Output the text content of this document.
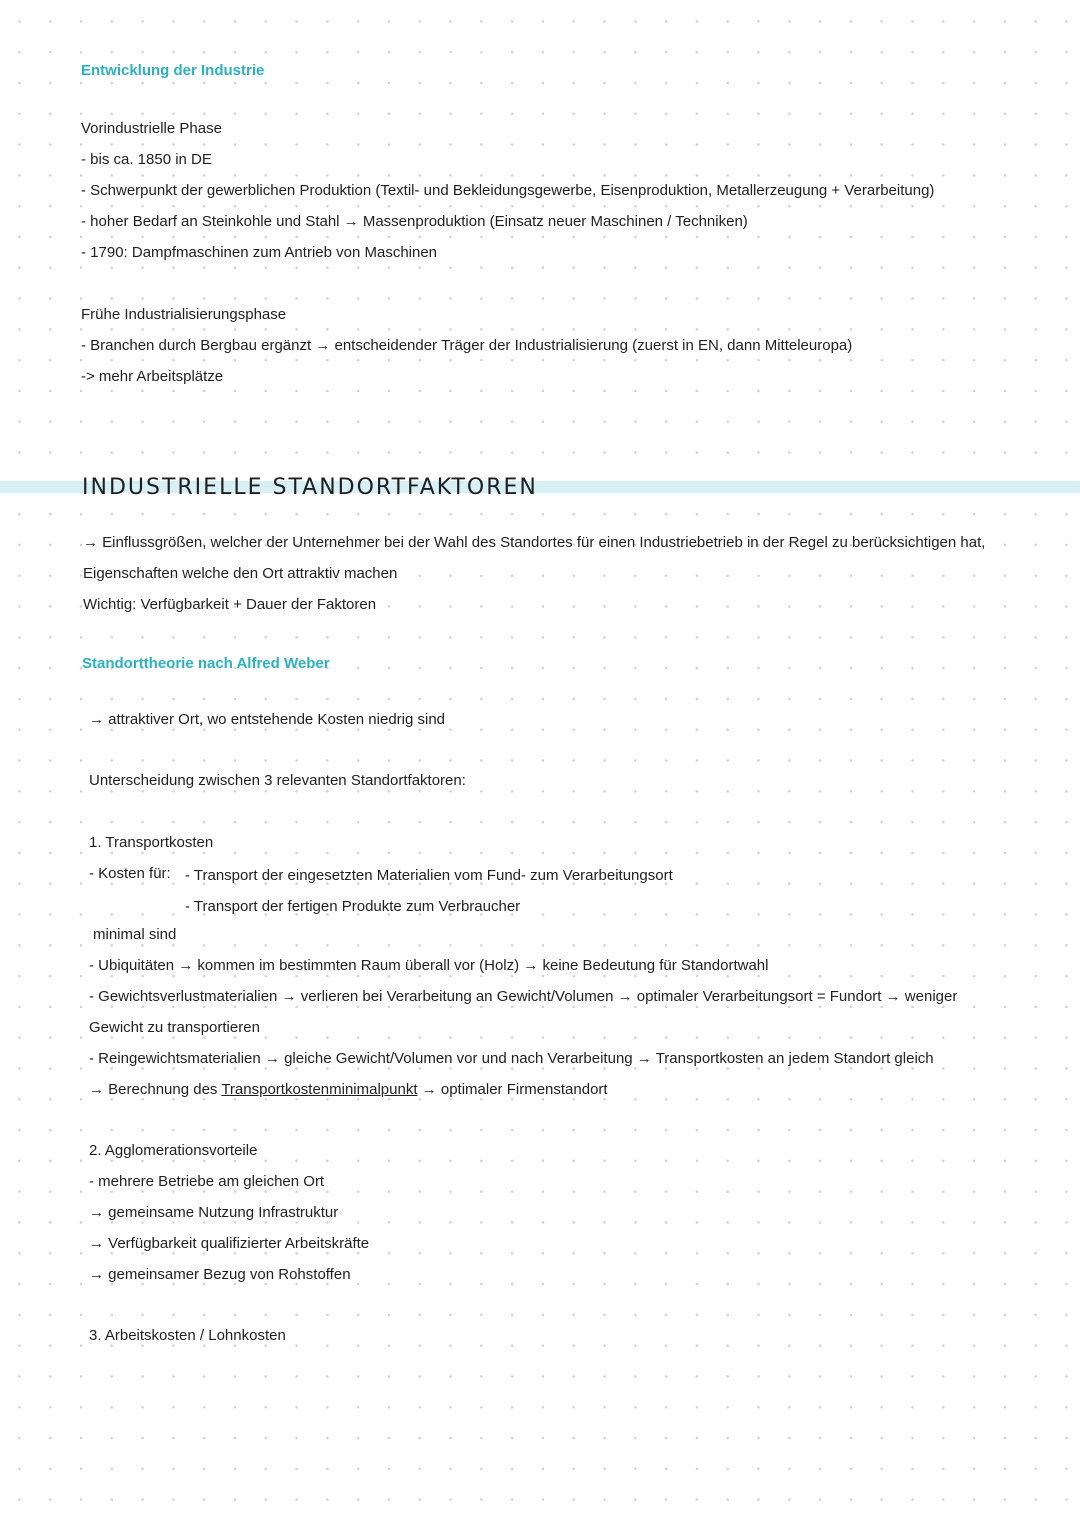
Entwicklung der Industrie

Vorindustrielle Phase

- bis ca. 1850 in DE

- Schwerpunkt der gewerblichen Produktion (Textil- und Bekleidungsgewerbe, Eisenproduktion, Metallerzeugung + Verarbeitung)

- hoher Bedarf an Steinkohle und Stahl → Massenproduktion (Einsatz neuer Maschinen / Techniken)

- 1790: Dampfmaschinen zum Antrieb von Maschinen

Frühe Industrialisierungsphase

- Branchen durch Bergbau ergänzt → entscheidender Träger der Industrialisierung (zuerst in EN, dann Mitteleuropa)

-> mehr Arbeitsplätze

INDUSTRIELLE STANDORTFAKTOREN

→ Einflussgrößen, welcher der Unternehmer bei der Wahl des Standortes für einen Industriebetrieb in der Regel zu berücksichtigen hat,

Eigenschaften welche den Ort attraktiv machen

Wichtig: Verfügbarkeit + Dauer der Faktoren

Standorttheorie nach Alfred Weber

→ attraktiver Ort, wo entstehende Kosten niedrig sind

Unterscheidung zwischen 3 relevanten Standortfaktoren:

1. Transportkosten

- Kosten für: - Transport der eingesetzten Materialien vom Fund- zum Verarbeitungsort

- Transport der fertigen Produkte zum Verbraucher

minimal sind

- Ubiquitäten → kommen im bestimmten Raum überall vor (Holz) → keine Bedeutung für Standortwahl

- Gewichtsverlustmaterialien → verlieren bei Verarbeitung an Gewicht/Volumen → optimaler Verarbeitungsort = Fundort → weniger

Gewicht zu transportieren

- Reingewichtsmaterialien → gleiche Gewicht/Volumen vor und nach Verarbeitung → Transportkosten an jedem Standort gleich

→ Berechnung des Transportkostenminimalpunkt → optimaler Firmenstandort

2. Agglomerationsvorteile

- mehrere Betriebe am gleichen Ort

→ gemeinsame Nutzung Infrastruktur

→ Verfügbarkeit qualifizierter Arbeitskräfte

→ gemeinsamer Bezug von Rohstoffen

3. Arbeitskosten / Lohnkosten
